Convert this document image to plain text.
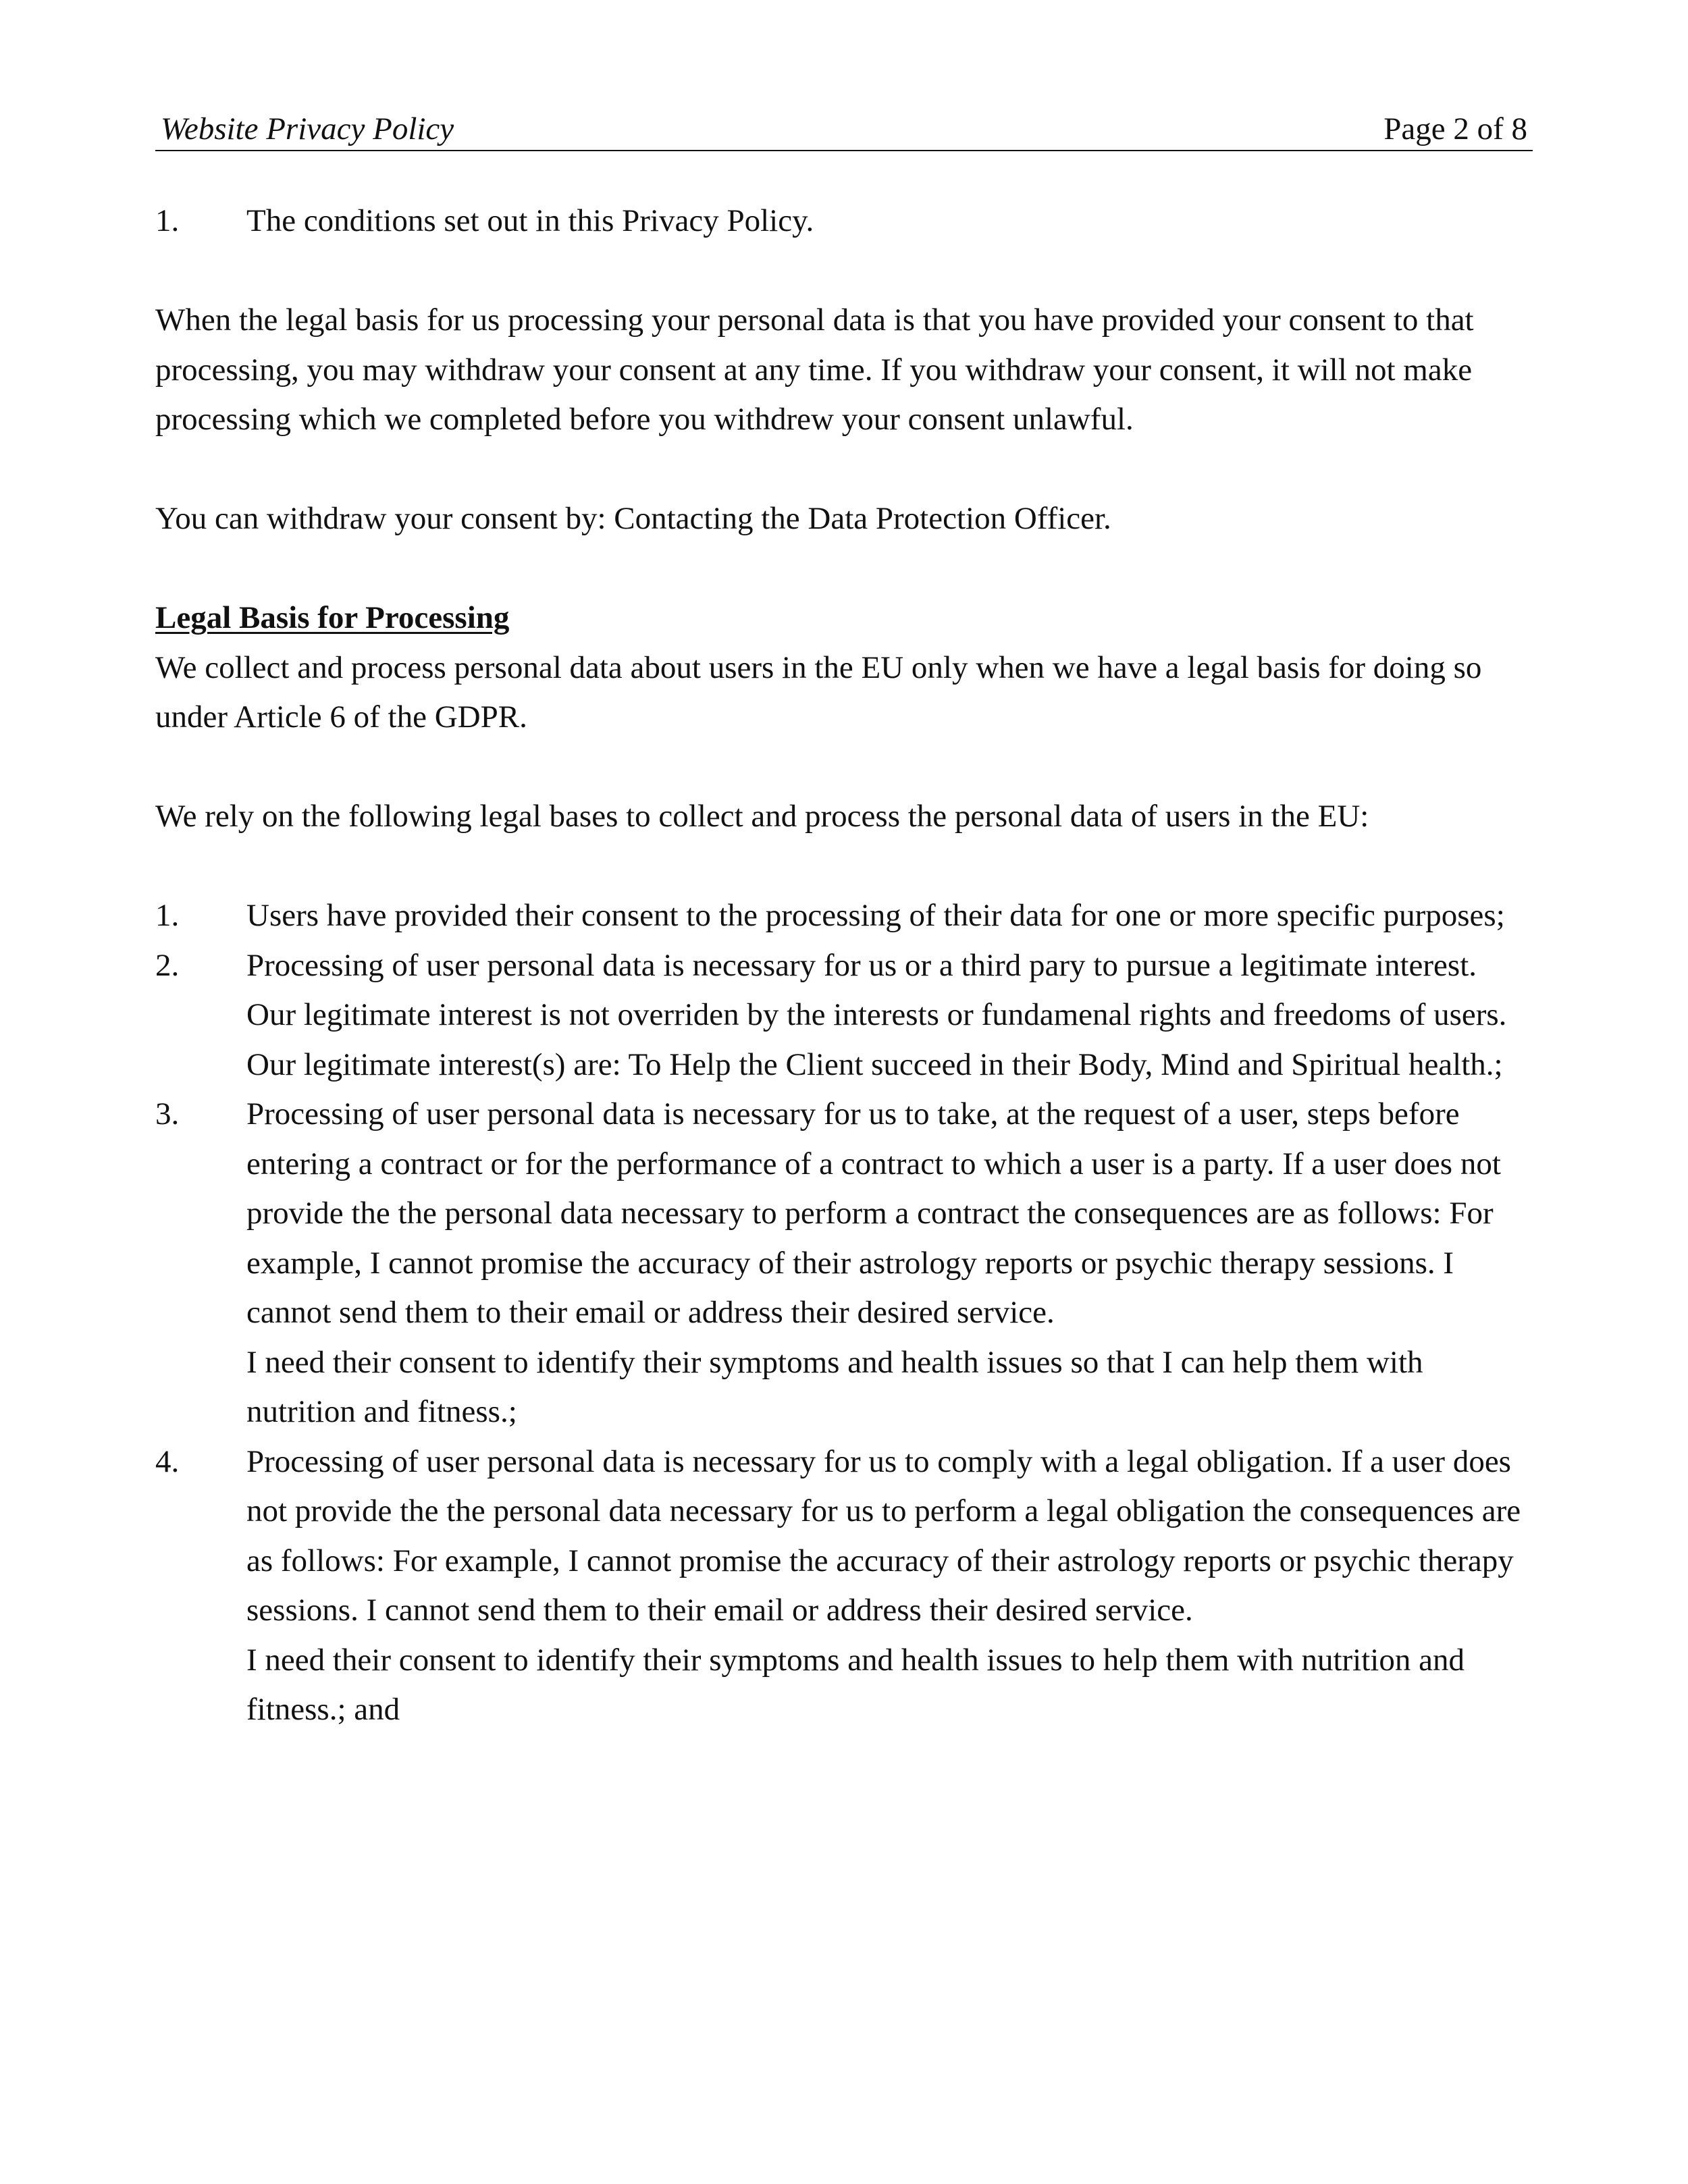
Website Privacy Policy	Page 2 of 8
1. The conditions set out in this Privacy Policy.

When the legal basis for us processing your personal data is that you have provided your consent to that processing, you may withdraw your consent at any time. If you withdraw your consent, it will not make processing which we completed before you withdrew your consent unlawful.

You can withdraw your consent by: Contacting the Data Protection Officer.

Legal Basis for Processing

We collect and process personal data about users in the EU only when we have a legal basis for doing so under Article 6 of the GDPR.

We rely on the following legal bases to collect and process the personal data of users in the EU:

1. Users have provided their consent to the processing of their data for one or more specific purposes;

2. Processing of user personal data is necessary for us or a third pary to pursue a legitimate interest. Our legitimate interest is not overriden by the interests or fundamenal rights and freedoms of users. Our legitimate interest(s) are: To Help the Client succeed in their Body, Mind and Spiritual health.;

3. Processing of user personal data is necessary for us to take, at the request of a user, steps before entering a contract or for the performance of a contract to which a user is a party. If a user does not provide the the personal data necessary to perform a contract the consequences are as follows: For example, I cannot promise the accuracy of their astrology reports or psychic therapy sessions. I cannot send them to their email or address their desired service.

I need their consent to identify their symptoms and health issues so that I can help them with nutrition and fitness.;

4. Processing of user personal data is necessary for us to comply with a legal obligation. If a user does not provide the the personal data necessary for us to perform a legal obligation the consequences are as follows: For example, I cannot promise the accuracy of their astrology reports or psychic therapy sessions. I cannot send them to their email or address their desired service.

I need their consent to identify their symptoms and health issues to help them with nutrition and fitness.; and
